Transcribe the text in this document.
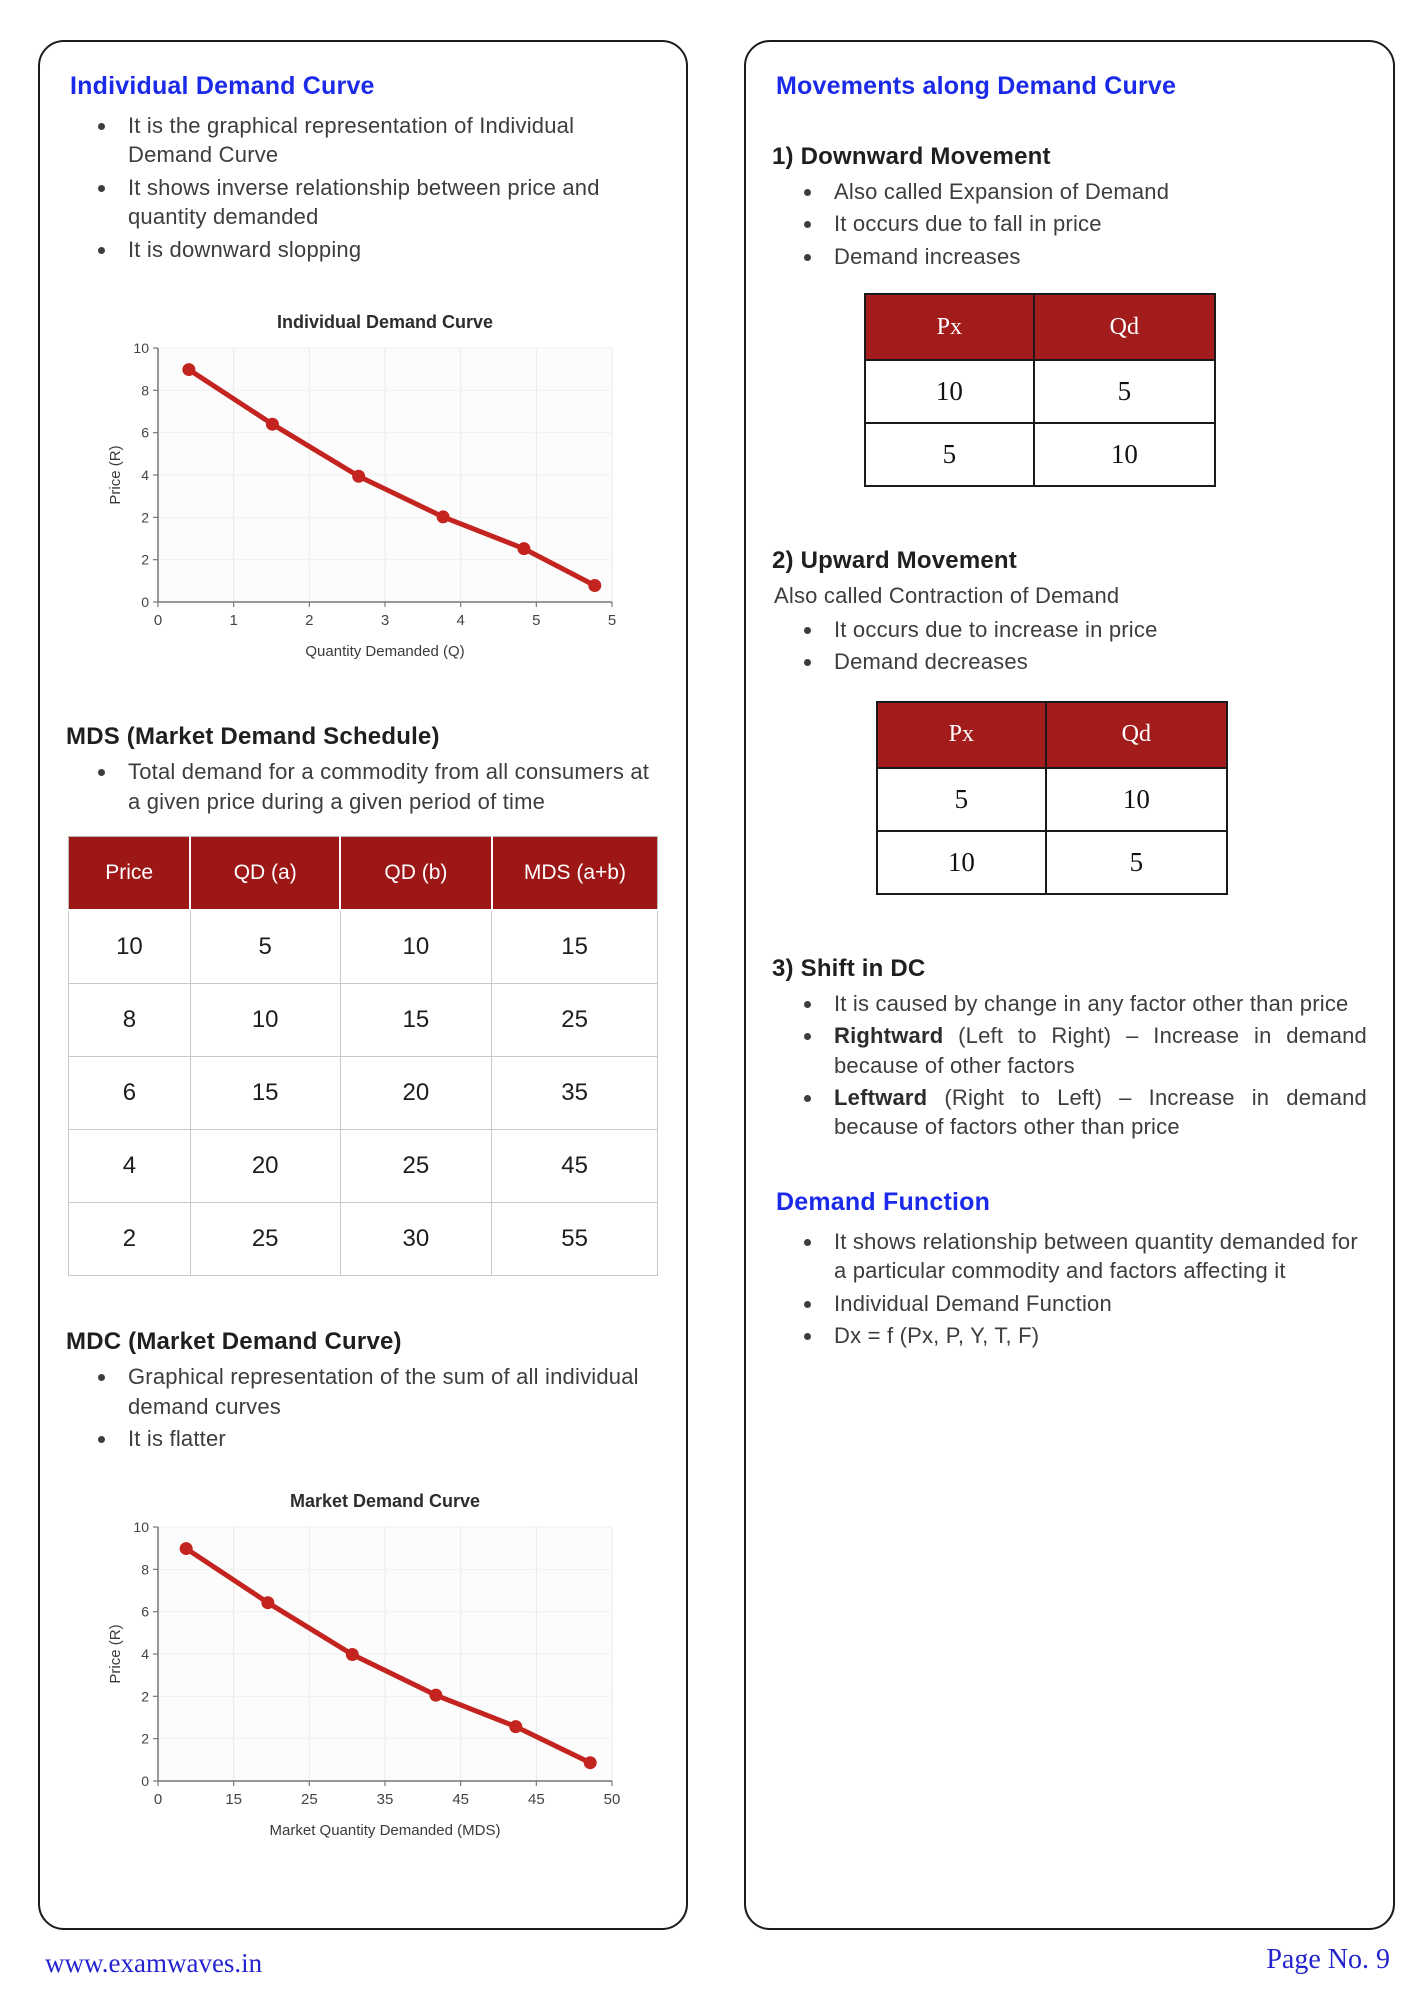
Individual Demand Curve
• It is the graphical representation of Individual Demand Curve
• It shows inverse relationship between price and quantity demanded
• It is downward slopping
10
8
6
4
2
2
0
0	1	2	3	4	5	5
Individual Demand Curve
Quantity Demanded (Q)
Price (R)
MDS (Market Demand Schedule)
• Total demand for a commodity from all consumers at a given price during a given period of time
Price	QD (a)	QD (b)	MDS (a+b)
10	5	10	15
8	10	15	25
6	15	20	35
4	20	25	45
2	25	30	55
MDC (Market Demand Curve)
• Graphical representation of the sum of all individual demand curves
• It is flatter
10
8
6
4
2
2
0
0	15	25	35	45	45	50
Market Demand Curve
Market Quantity Demanded (MDS)
Price (R)
Movements along Demand Curve
1) Downward Movement
• Also called Expansion of Demand
• It occurs due to fall in price
• Demand increases
Px	Qd
10	5
5	10
2) Upward Movement
Also called Contraction of Demand
• It occurs due to increase in price
• Demand decreases
Px	Qd
5	10
10	5
3) Shift in DC
• It is caused by change in any factor other than price
• Rightward (Left to Right) – Increase in demand because of other factors
• Leftward (Right to Left) – Increase in demand because of factors other than price
Demand Function
• It shows relationship between quantity demanded for a particular commodity and factors affecting it
• Individual Demand Function
• Dx = f (Px, P, Y, T, F)
www.examwaves.in	Page No. 9
